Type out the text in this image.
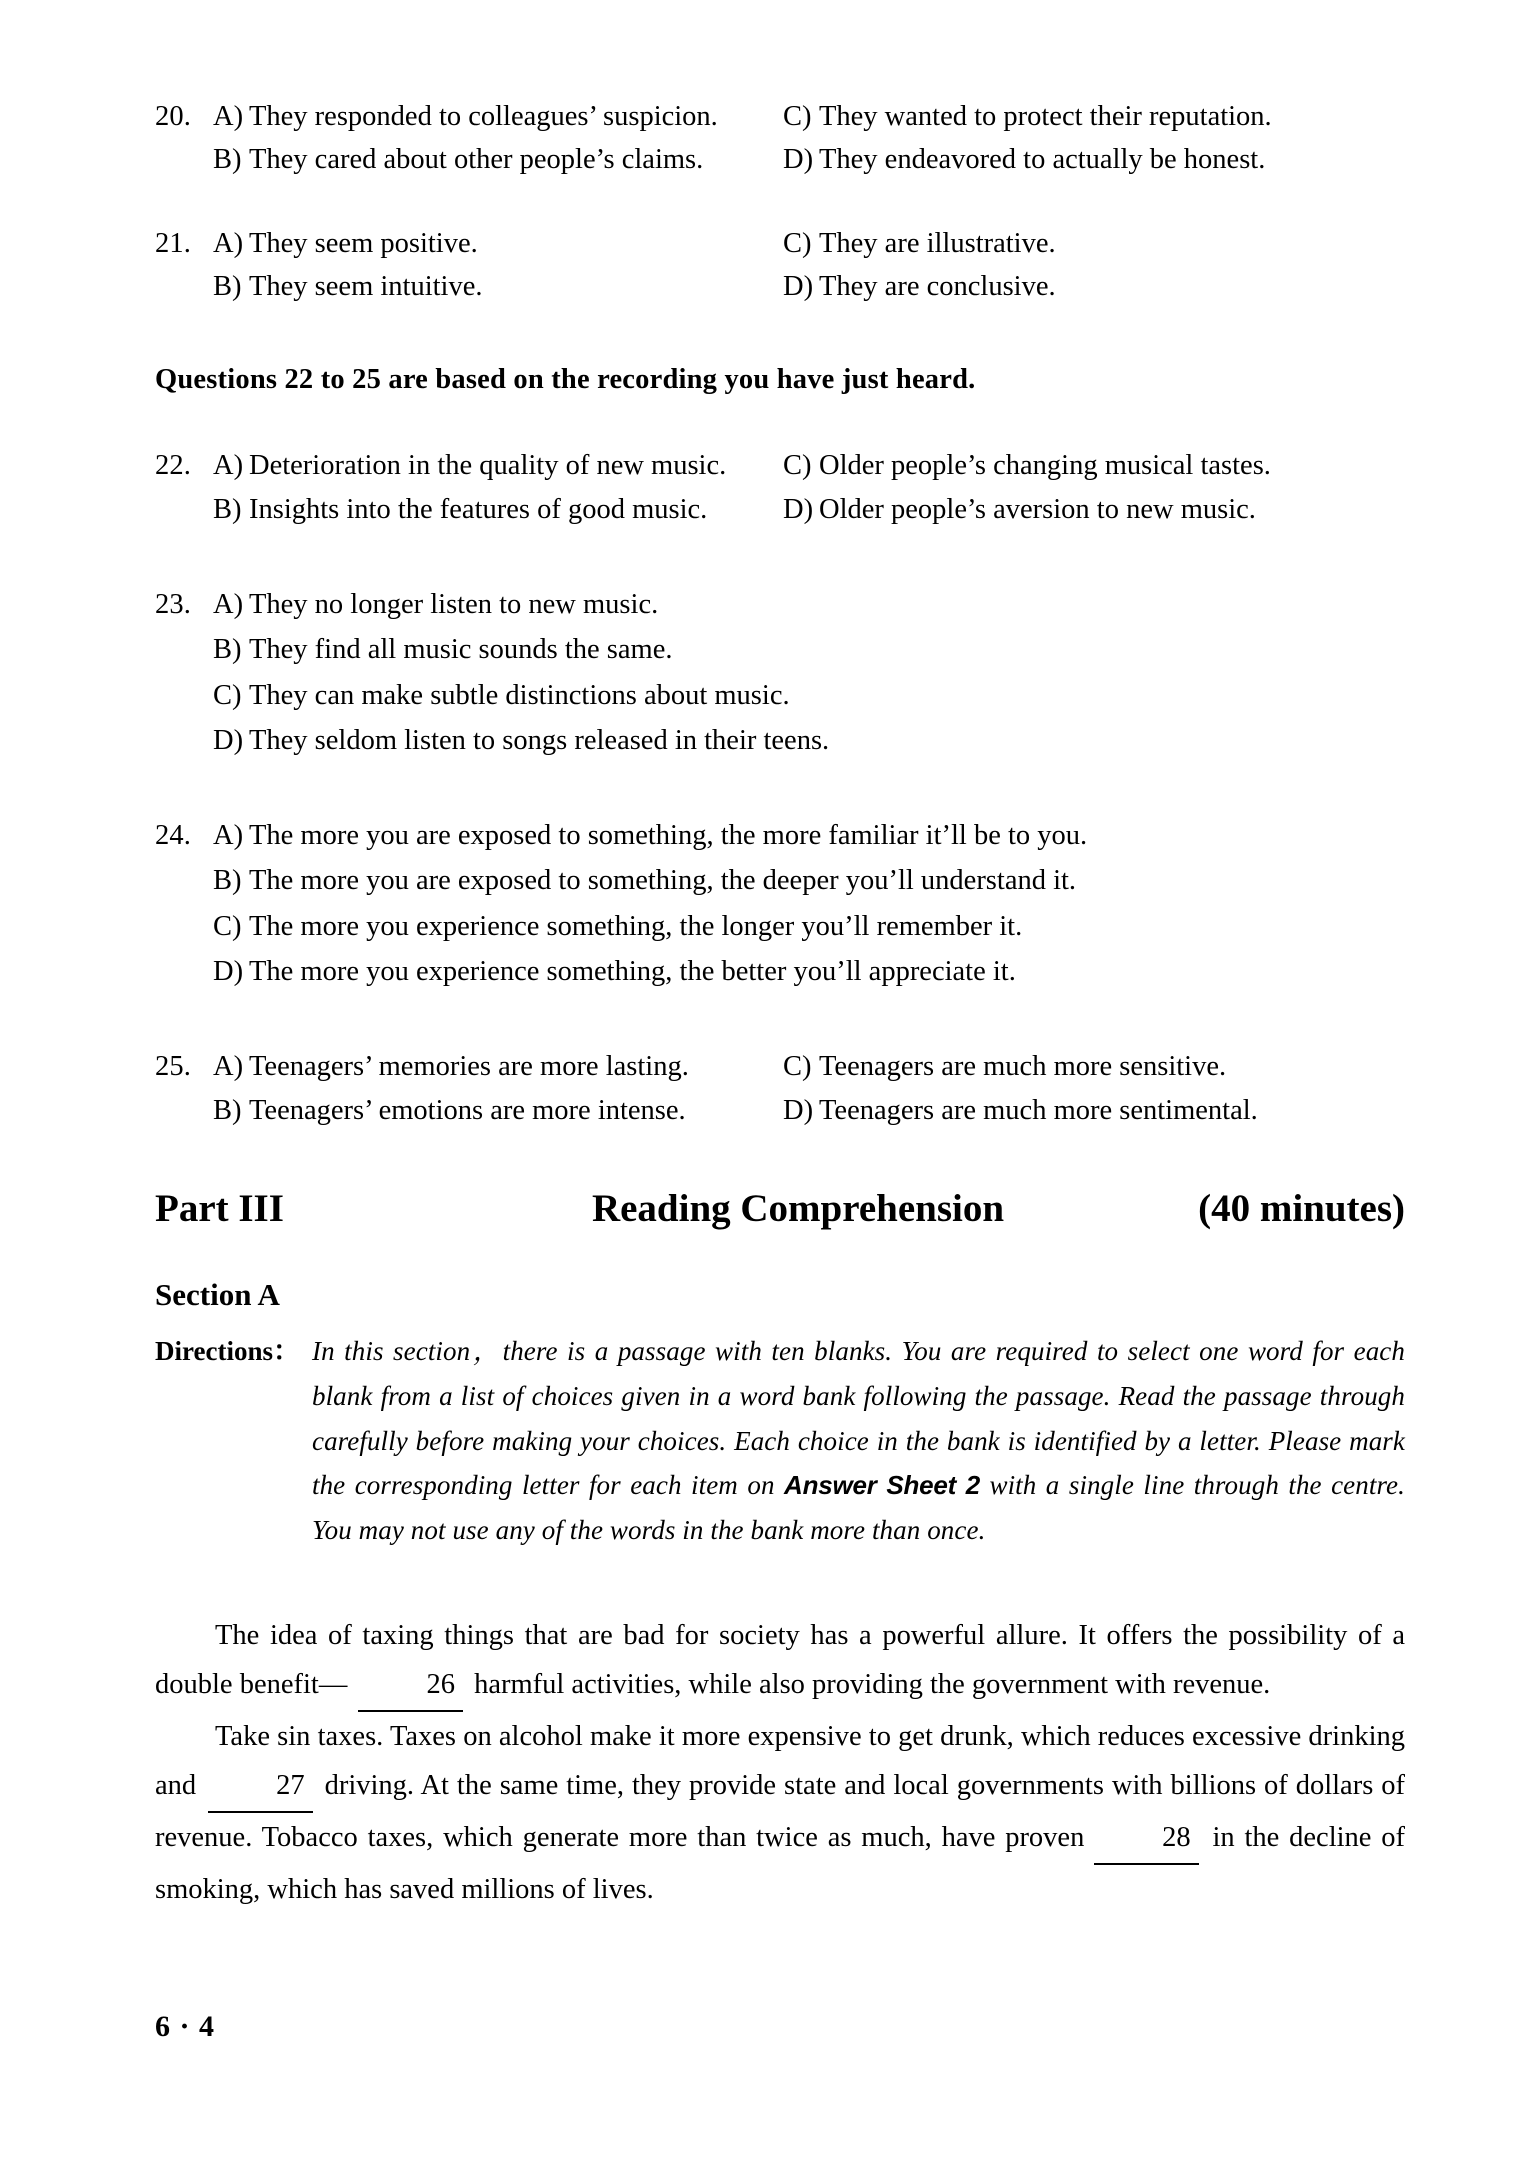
20. A) They responded to colleagues’ suspicion.	C) They wanted to protect their reputation.
B) They cared about other people’s claims.	D) They endeavored to actually be honest.
21. A) They seem positive.	C) They are illustrative.
B) They seem intuitive.	D) They are conclusive.
Questions 22 to 25 are based on the recording you have just heard.
22. A) Deterioration in the quality of new music.	C) Older people’s changing musical tastes.
B) Insights into the features of good music.	D) Older people’s aversion to new music.
23. A) They no longer listen to new music.
B) They find all music sounds the same.
C) They can make subtle distinctions about music.
D) They seldom listen to songs released in their teens.
24. A) The more you are exposed to something, the more familiar it’ll be to you.
B) The more you are exposed to something, the deeper you’ll understand it.
C) The more you experience something, the longer you’ll remember it.
D) The more you experience something, the better you’ll appreciate it.
25. A) Teenagers’ memories are more lasting.	C) Teenagers are much more sensitive.
B) Teenagers’ emotions are more intense.	D) Teenagers are much more sentimental.
Part III	Reading Comprehension	(40 minutes)
Section A
Directions： In this section，there is a passage with ten blanks. You are required to select one word for each blank from a list of choices given in a word bank following the passage. Read the passage through carefully before making your choices. Each choice in the bank is identified by a letter. Please mark the corresponding letter for each item on Answer Sheet 2 with a single line through the centre. You may not use any of the words in the bank more than once.

The idea of taxing things that are bad for society has a powerful allure. It offers the possibility of a double benefit—	26 harmful activities, while also providing the government with revenue.

Take sin taxes. Taxes on alcohol make it more expensive to get drunk, which reduces excessive drinking and	27 driving. At the same time, they provide state and local governments with billions of dollars of revenue. Tobacco taxes, which generate more than twice as much, have proven 28 in the decline of smoking, which has saved millions of lives.

6 · 4
